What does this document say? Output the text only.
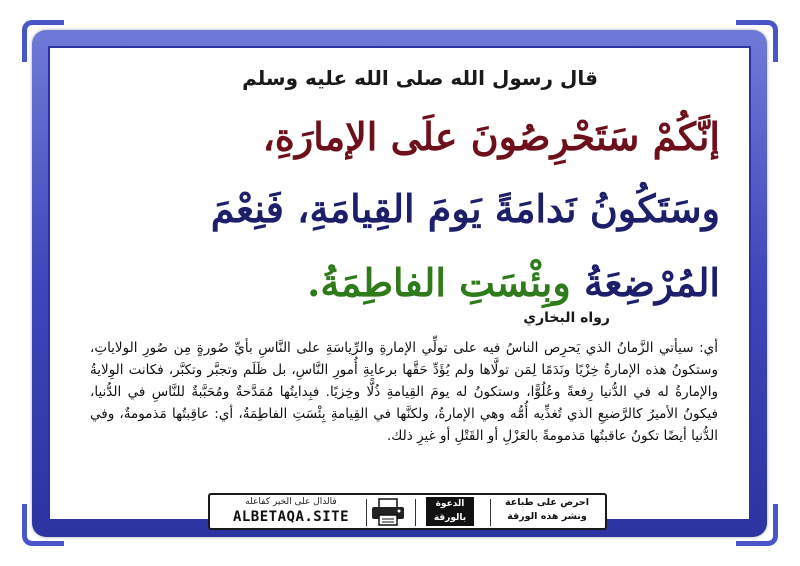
قال رسول الله صلى الله عليه وسلم
إنَّكُمْ سَتَحْرِصُونَ علَى الإمارَةِ،
وسَتَكُونُ نَدامَةً يَومَ القِيامَةِ، فَنِعْمَ
المُرْضِعَةُ وبِئْسَتِ الفاطِمَةُ.
رواه البخاري
أي: سيأتي الزَّمانُ الذي يَحرِص الناسُ فيه على تولِّي الإمارةِ والرِّياسَةِ على النَّاسِ بأيِّ صُورةٍ مِن صُورِ الولاياتِ، وستكونُ هذه الإمارةُ خِزْيًا ونَدَمًا لِمَن تولَّاها ولم يُؤَدِّ حَقَّها برعايةِ أُمورِ النَّاسِ، بل ظَلَم وتجبَّر وتكبَّر، فكانت الوِلايةُ والإمارةُ له في الدُّنيا رِفعةً وعُلُوًّا، وستكونُ له يومَ القِيامةِ ذُلًّا وخِزيًا. فبِدايتُها مُمَدَّحةٌ ومُحَبَّبةٌ للنَّاسِ في الدُّنيا، فيكونُ الأميرُ كالرَّضيعِ الذي تُغذِّيه أُمُّه وهي الإمارةُ، ولكنَّها في القِيامةِ بِئْسَتِ الفاطِمَةُ، أي: عاقِبتُها مَذمومةٌ، وفي الدُّنيا أيضًا تكونُ عاقبتُها مَذمومةً بالعَزْلِ أو القَتْلِ أو غيرِ ذلك.
فالدال على الخير كفاعله
ALBETAQA.SITE
الدعوة بالورقة
احرص على طباعة ونشر هذه الورقة
